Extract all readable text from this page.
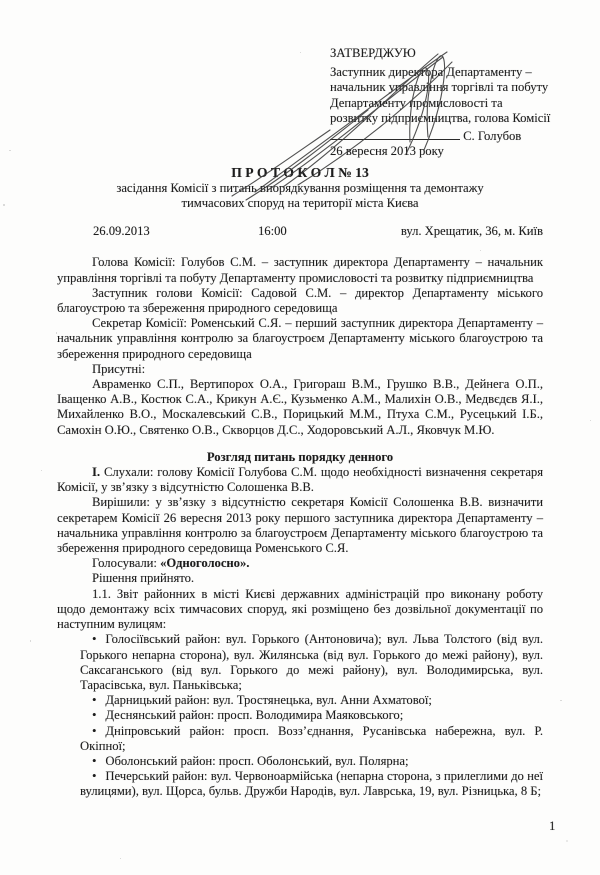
ЗАТВЕРДЖУЮ
Заступник директора Департаменту –
начальник управління торгівлі та побуту
Департаменту промисловості та
розвитку підприємництва, голова Комісії
С. Голубов
26 вересня 2013 року
П Р О Т О К О Л № 13
засідання Комісії з питань впорядкування розміщення та демонтажу
тимчасових споруд на території міста Києва
26.09.2013	16:00	вул. Хрещатик, 36, м. Київ

Голова Комісії: Голубов С.М. – заступник директора Департаменту – начальник управління торгівлі та побуту Департаменту промисловості та розвитку підприємництва

Заступник голови Комісії: Садовой С.М. – директор Департаменту міського благоустрою та збереження природного середовища

Секретар Комісії: Роменський С.Я. – перший заступник директора Департаменту – начальник управління контролю за благоустроєм Департаменту міського благоустрою та збереження природного середовища

Присутні:

Авраменко С.П., Вертипорох О.А., Григораш В.М., Грушко В.В., Дейнега О.П., Іващенко А.В., Костюк С.А., Крикун А.Є., Кузьменко А.М., Малихін О.В., Медвєдєв Я.І., Михайленко В.О., Москалевський С.В., Порицький М.М., Птуха С.М., Русецький І.Б., Самохін О.Ю., Святенко О.В., Скворцов Д.С., Ходоровський А.Л., Яковчук М.Ю.

Розгляд питань порядку денного

I. Слухали: голову Комісії Голубова С.М. щодо необхідності визначення секретаря Комісії, у зв’язку з відсутністю Солошенка В.В.

Вирішили: у зв’язку з відсутністю секретаря Комісії Солошенка В.В. визначити секретарем Комісії 26 вересня 2013 року першого заступника директора Департаменту – начальника управління контролю за благоустроєм Департаменту міського благоустрою та збереження природного середовища Роменського С.Я.

Голосували: «Одноголосно».

Рішення прийнято.

1.1. Звіт районних в місті Києві державних адміністрацій про виконану роботу щодо демонтажу всіх тимчасових споруд, які розміщено без дозвільної документації по наступним вулицям:

• Голосіївський район: вул. Горького (Антоновича); вул. Льва Толстого (від вул. Горького непарна сторона), вул. Жилянська (від вул. Горького до межі району), вул. Саксаганського (від вул. Горького до межі району), вул. Володимирська, вул. Тарасівська, вул. Паньківська;
• Дарницький район: вул. Тростянецька, вул. Анни Ахматової;
• Деснянський район: просп. Володимира Маяковського;
• Дніпровський район: просп. Возз’єднання, Русанівська набережна, вул. Р. Окіпної;
• Оболонський район: просп. Оболонський, вул. Полярна;
• Печерський район: вул. Червоноармійська (непарна сторона, з прилеглими до неї вулицями), вул. Щорса, бульв. Дружби Народів, вул. Лаврська, 19, вул. Різницька, 8 Б;
1
